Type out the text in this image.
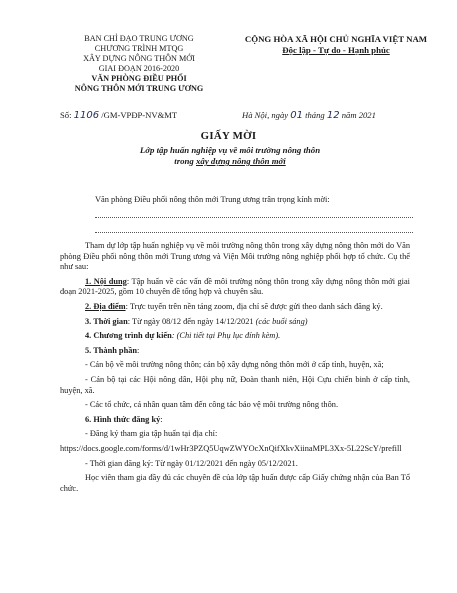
BAN CHỈ ĐẠO TRUNG ƯƠNG
CHƯƠNG TRÌNH MTQG
XÂY DỰNG NÔNG THÔN MỚI
GIAI ĐOẠN 2016-2020
VĂN PHÒNG ĐIỀU PHỐI
NÔNG THÔN MỚI TRUNG ƯƠNG
CỘNG HÒA XÃ HỘI CHỦ NGHĨA VIỆT NAM
Độc lập - Tự do - Hạnh phúc
Số: 1106 /GM-VPĐP-NV&MT	Hà Nội, ngày 01 tháng 12 năm 2021
GIẤY MỜI
Lớp tập huấn nghiệp vụ về môi trường nông thôn
trong xây dựng nông thôn mới
Văn phòng Điều phối nông thôn mới Trung ương trân trọng kính mời:

Tham dự lớp tập huấn nghiệp vụ về môi trường nông thôn trong xây dựng nông thôn mới do Văn phòng Điều phối nông thôn mới Trung ương và Viện Môi trường nông nghiệp phối hợp tổ chức. Cụ thể như sau:

1. Nội dung: Tập huấn về các vấn đề môi trường nông thôn trong xây dựng nông thôn mới giai đoạn 2021-2025, gồm 10 chuyên đề tổng hợp và chuyên sâu.

2. Địa điểm: Trực tuyến trên nền tảng zoom, địa chỉ sẽ được gửi theo danh sách đăng ký.

3. Thời gian: Từ ngày 08/12 đến ngày 14/12/2021 (các buổi sáng)

4. Chương trình dự kiến: (Chi tiết tại Phụ lục đính kèm).

5. Thành phần:

- Cán bộ về môi trường nông thôn; cán bộ xây dựng nông thôn mới ở cấp tỉnh, huyện, xã;

- Cán bộ tại các Hội nông dân, Hội phụ nữ, Đoàn thanh niên, Hội Cựu chiến binh ở cấp tỉnh, huyện, xã.

- Các tổ chức, cá nhân quan tâm đến công tác bảo vệ môi trường nông thôn.

6. Hình thức đăng ký:

- Đăng ký tham gia tập huấn tại địa chỉ:

https://docs.google.com/forms/d/1wHr3PZQ5UqwZWYOcXnQifXkvXiinaMPL3Xx-5L22ScY/prefill

- Thời gian đăng ký: Từ ngày 01/12/2021 đến ngày 05/12/2021.

Học viên tham gia đầy đủ các chuyên đề của lớp tập huấn được cấp Giấy chứng nhận của Ban Tổ chức.
